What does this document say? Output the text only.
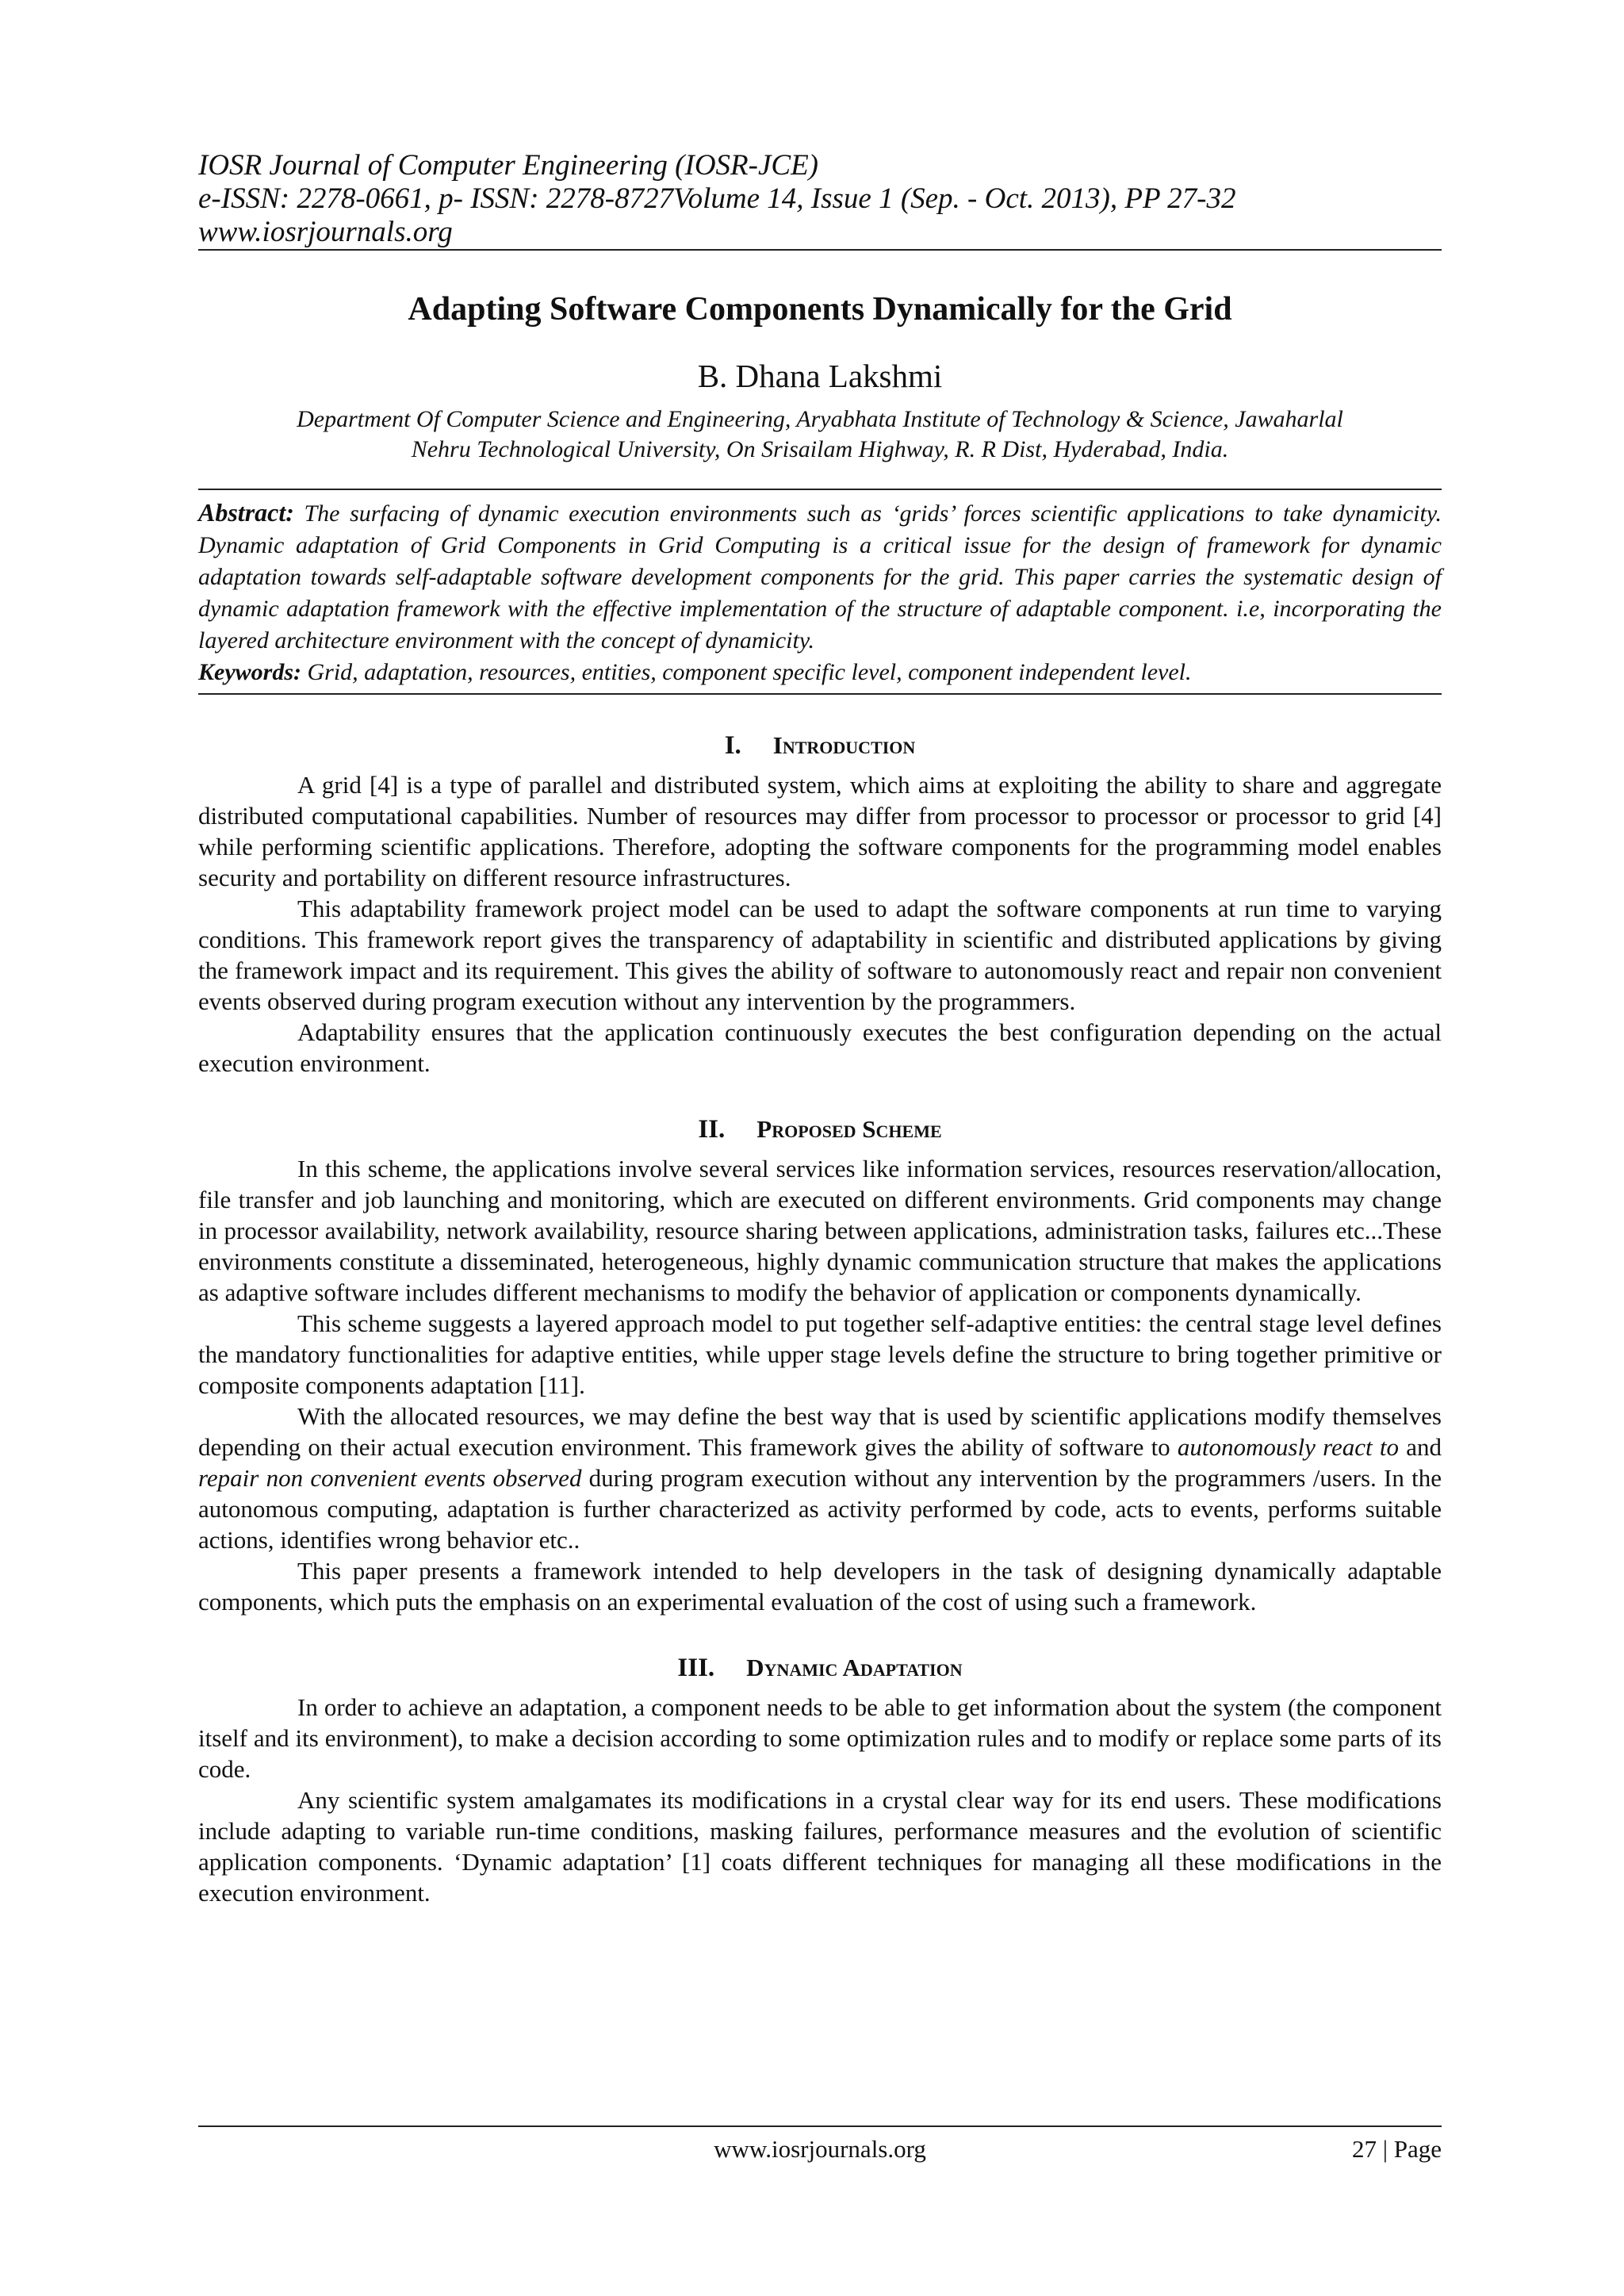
IOSR Journal of Computer Engineering (IOSR-JCE)

e-ISSN: 2278-0661, p- ISSN: 2278-8727Volume 14, Issue 1 (Sep. - Oct. 2013), PP 27-32

www.iosrjournals.org

Adapting Software Components Dynamically for the Grid

B. Dhana Lakshmi

Department Of Computer Science and Engineering, Aryabhata Institute of Technology & Science, Jawaharlal

Nehru Technological University, On Srisailam Highway, R. R Dist, Hyderabad, India.

Abstract: The surfacing of dynamic execution environments such as ‘grids’ forces scientific applications to take dynamicity. Dynamic adaptation of Grid Components in Grid Computing is a critical issue for the design of framework for dynamic adaptation towards self-adaptable software development components for the grid. This paper carries the systematic design of dynamic adaptation framework with the effective implementation of the structure of adaptable component. i.e, incorporating the layered architecture environment with the concept of dynamicity.

Keywords: Grid, adaptation, resources, entities, component specific level, component independent level.

I. Introduction

A grid [4] is a type of parallel and distributed system, which aims at exploiting the ability to share and aggregate distributed computational capabilities. Number of resources may differ from processor to processor or processor to grid [4] while performing scientific applications. Therefore, adopting the software components for the programming model enables security and portability on different resource infrastructures.

This adaptability framework project model can be used to adapt the software components at run time to varying conditions. This framework report gives the transparency of adaptability in scientific and distributed applications by giving the framework impact and its requirement. This gives the ability of software to autonomously react and repair non convenient events observed during program execution without any intervention by the programmers.

Adaptability ensures that the application continuously executes the best configuration depending on the actual execution environment.

II. Proposed Scheme

In this scheme, the applications involve several services like information services, resources reservation/allocation, file transfer and job launching and monitoring, which are executed on different environments. Grid components may change in processor availability, network availability, resource sharing between applications, administration tasks, failures etc...These environments constitute a disseminated, heterogeneous, highly dynamic communication structure that makes the applications as adaptive software includes different mechanisms to modify the behavior of application or components dynamically.

This scheme suggests a layered approach model to put together self-adaptive entities: the central stage level defines the mandatory functionalities for adaptive entities, while upper stage levels define the structure to bring together primitive or composite components adaptation [11].

With the allocated resources, we may define the best way that is used by scientific applications modify themselves depending on their actual execution environment. This framework gives the ability of software to autonomously react to and repair non convenient events observed during program execution without any intervention by the programmers /users. In the autonomous computing, adaptation is further characterized as activity performed by code, acts to events, performs suitable actions, identifies wrong behavior etc..

This paper presents a framework intended to help developers in the task of designing dynamically adaptable components, which puts the emphasis on an experimental evaluation of the cost of using such a framework.

III. Dynamic Adaptation

In order to achieve an adaptation, a component needs to be able to get information about the system (the component itself and its environment), to make a decision according to some optimization rules and to modify or replace some parts of its code.

Any scientific system amalgamates its modifications in a crystal clear way for its end users. These modifications include adapting to variable run-time conditions, masking failures, performance measures and the evolution of scientific application components. ‘Dynamic adaptation’ [1] coats different techniques for managing all these modifications in the execution environment.

www.iosrjournals.org	27 | Page
